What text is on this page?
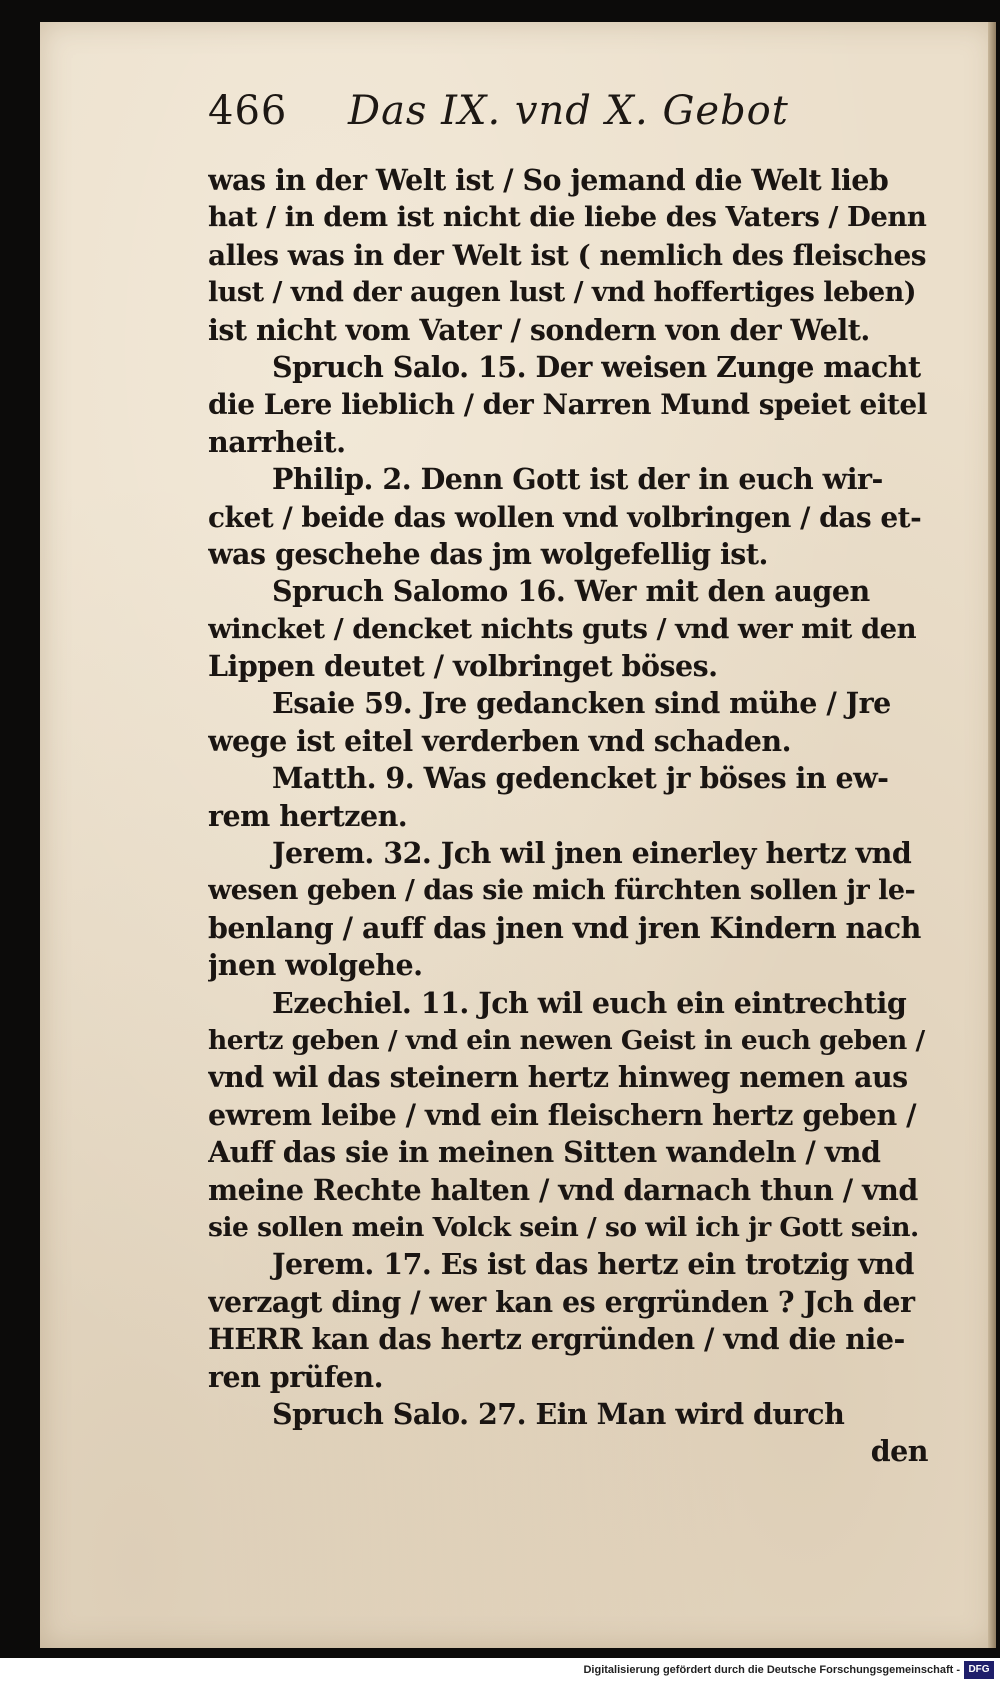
466 Das IX. vnd X. Gebot
was in der Welt ist / So jemand die Welt lieb
hat / in dem ist nicht die liebe des Vaters / Denn
alles was in der Welt ist ( nemlich des fleisches
lust / vnd der augen lust / vnd hoffertiges leben)
ist nicht vom Vater / sondern von der Welt.
Spruch Salo. 15. Der weisen Zunge macht
die Lere lieblich / der Narren Mund speiet eitel
narrheit.
Philip. 2. Denn Gott ist der in euch wir-
cket / beide das wollen vnd volbringen / das et-
was geschehe das jm wolgefellig ist.
Spruch Salomo 16. Wer mit den augen
wincket / dencket nichts guts / vnd wer mit den
Lippen deutet / volbringet böses.
Esaie 59. Jre gedancken sind mühe / Jre
wege ist eitel verderben vnd schaden.
Matth. 9. Was gedencket jr böses in ew-
rem hertzen.
Jerem. 32. Jch wil jnen einerley hertz vnd
wesen geben / das sie mich fürchten sollen jr le-
benlang / auff das jnen vnd jren Kindern nach
jnen wolgehe.
Ezechiel. 11. Jch wil euch ein eintrechtig
hertz geben / vnd ein newen Geist in euch geben /
vnd wil das steinern hertz hinweg nemen aus
ewrem leibe / vnd ein fleischern hertz geben /
Auff das sie in meinen Sitten wandeln / vnd
meine Rechte halten / vnd darnach thun / vnd
sie sollen mein Volck sein / so wil ich jr Gott sein.
Jerem. 17. Es ist das hertz ein trotzig vnd
verzagt ding / wer kan es ergründen ? Jch der
HERR kan das hertz ergründen / vnd die nie-
ren prüfen.
Spruch Salo. 27. Ein Man wird durch
den
Digitalisierung gefördert durch die Deutsche Forschungsgemeinschaft - DFG
